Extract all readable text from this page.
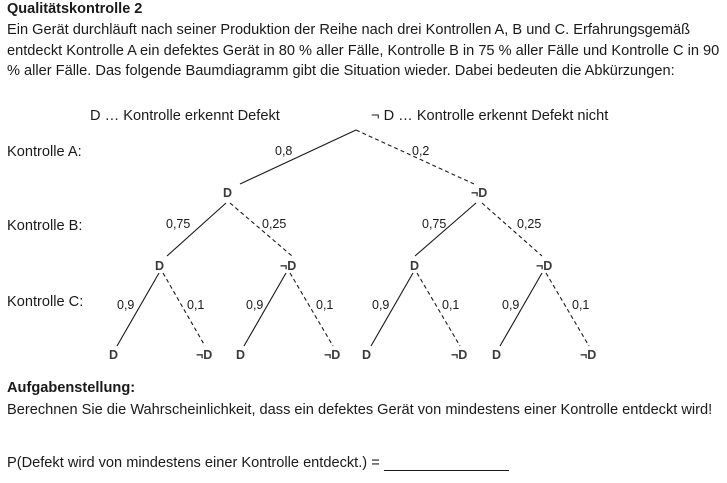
Qualitätskontrolle 2

Ein Gerät durchläuft nach seiner Produktion der Reihe nach drei Kontrollen A, B und C. Erfahrungsgemäß entdeckt Kontrolle A ein defektes Gerät in 80 % aller Fälle, Kontrolle B in 75 % aller Fälle und Kontrolle C in 90 % aller Fälle. Das folgende Baumdiagramm gibt die Situation wieder. Dabei bedeuten die Abkürzungen:

D … Kontrolle erkennt Defekt	¬ D … Kontrolle erkennt Defekt nicht
Kontrolle A:
Kontrolle B:
Kontrolle C:
0,8	0,2
D	¬D
0,75	0,25	0,75	0,25
D	¬D	D	¬D
0,9	0,1	0,9	0,1	0,9	0,1	0,9	0,1
D	¬D D	¬D D	¬D D	¬D
Aufgabenstellung:

Berechnen Sie die Wahrscheinlichkeit, dass ein defektes Gerät von mindestens einer Kontrolle entdeckt wird!

P(Defekt wird von mindestens einer Kontrolle entdeckt.) =
